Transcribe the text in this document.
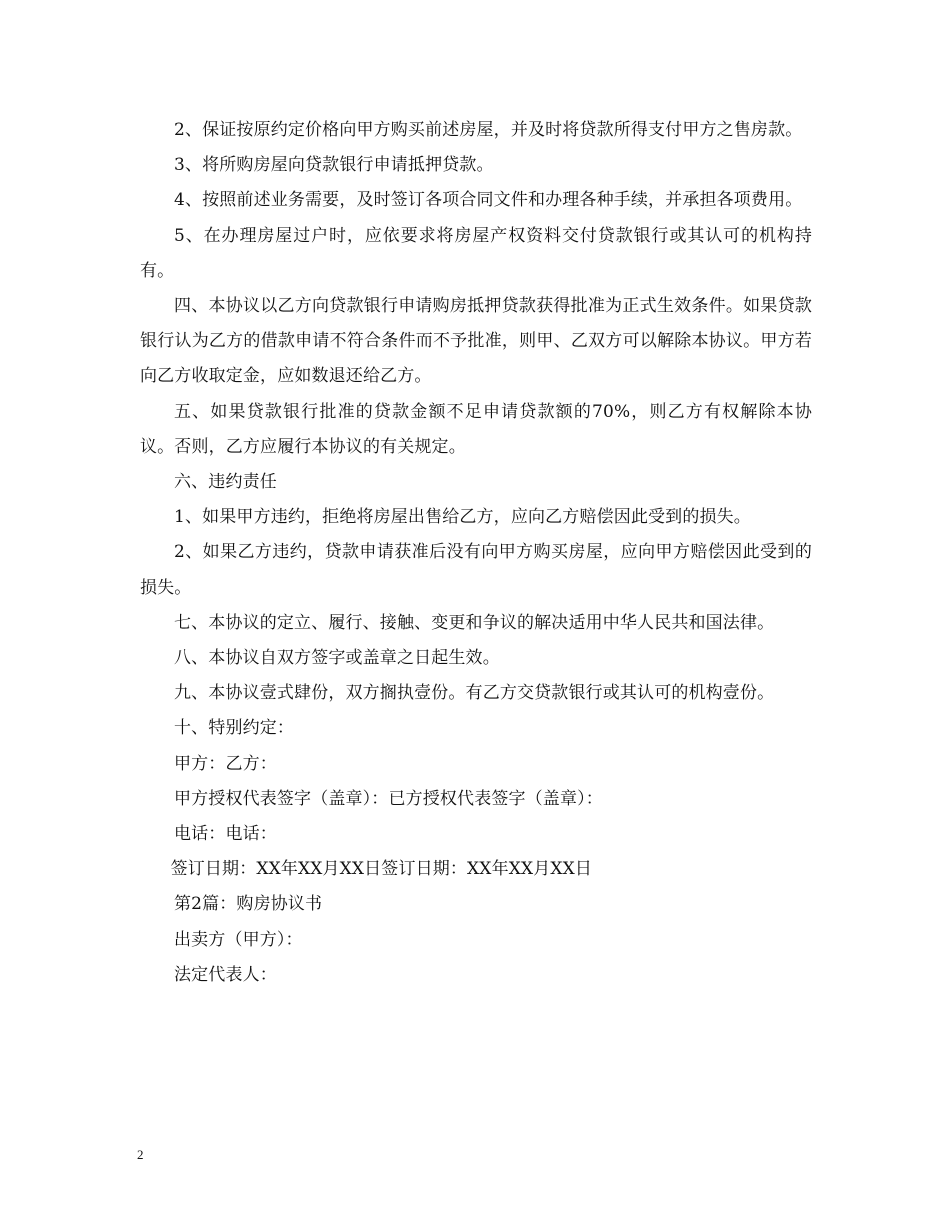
2、保证按原约定价格向甲方购买前述房屋，并及时将贷款所得支付甲方之售房款。

3、将所购房屋向贷款银行申请抵押贷款。

4、按照前述业务需要，及时签订各项合同文件和办理各种手续，并承担各项费用。

5、在办理房屋过户时，应依要求将房屋产权资料交付贷款银行或其认可的机构持有。

四、本协议以乙方向贷款银行申请购房抵押贷款获得批准为正式生效条件。如果贷款银行认为乙方的借款申请不符合条件而不予批准，则甲、乙双方可以解除本协议。甲方若向乙方收取定金，应如数退还给乙方。

五、如果贷款银行批准的贷款金额不足申请贷款额的70%，则乙方有权解除本协议。否则，乙方应履行本协议的有关规定。

六、违约责任

1、如果甲方违约，拒绝将房屋出售给乙方，应向乙方赔偿因此受到的损失。

2、如果乙方违约，贷款申请获准后没有向甲方购买房屋，应向甲方赔偿因此受到的损失。

七、本协议的定立、履行、接触、变更和争议的解决适用中华人民共和国法律。

八、本协议自双方签字或盖章之日起生效。

九、本协议壹式肆份，双方搁执壹份。有乙方交贷款银行或其认可的机构壹份。

十、特别约定：

甲方：乙方：

甲方授权代表签字（盖章）：已方授权代表签字（盖章）：

电话：电话：

签订日期：XX年XX月XX日签订日期：XX年XX月XX日

第2篇：购房协议书

出卖方（甲方）：

法定代表人：

2
